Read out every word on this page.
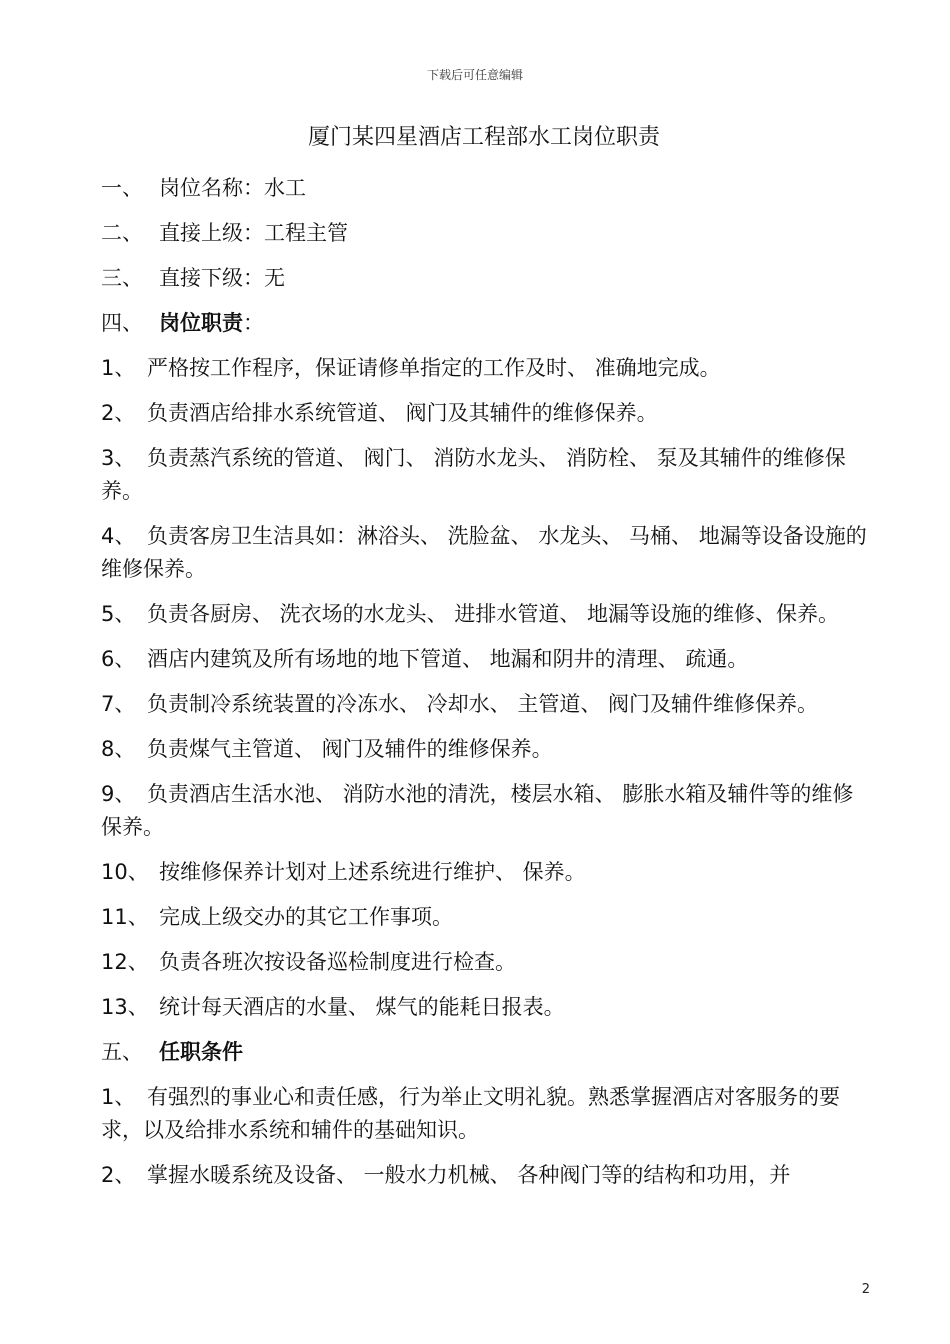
下载后可任意编辑
厦门某四星酒店工程部水工岗位职责

一、 岗位名称：水工

二、 直接上级：工程主管

三、 直接下级：无

四、 岗位职责：

1、 严格按工作程序，保证请修单指定的工作及时、 准确地完成。

2、 负责酒店给排水系统管道、 阀门及其辅件的维修保养。

3、 负责蒸汽系统的管道、 阀门、 消防水龙头、 消防栓、 泵及其辅件的维修保养。

4、 负责客房卫生洁具如：淋浴头、 洗脸盆、 水龙头、 马桶、 地漏等设备设施的维修保养。

5、 负责各厨房、 洗衣场的水龙头、 进排水管道、 地漏等设施的维修、保养。

6、 酒店内建筑及所有场地的地下管道、 地漏和阴井的清理、 疏通。

7、 负责制冷系统装置的冷冻水、 冷却水、 主管道、 阀门及辅件维修保养。

8、 负责煤气主管道、 阀门及辅件的维修保养。

9、 负责酒店生活水池、 消防水池的清洗，楼层水箱、 膨胀水箱及辅件等的维修保养。

10、 按维修保养计划对上述系统进行维护、 保养。

11、 完成上级交办的其它工作事项。

12、 负责各班次按设备巡检制度进行检查。

13、 统计每天酒店的水量、 煤气的能耗日报表。

五、 任职条件

1、 有强烈的事业心和责任感，行为举止文明礼貌。熟悉掌握酒店对客服务的要求，以及给排水系统和辅件的基础知识。

2、 掌握水暖系统及设备、 一般水力机械、 各种阀门等的结构和功用，并

2
